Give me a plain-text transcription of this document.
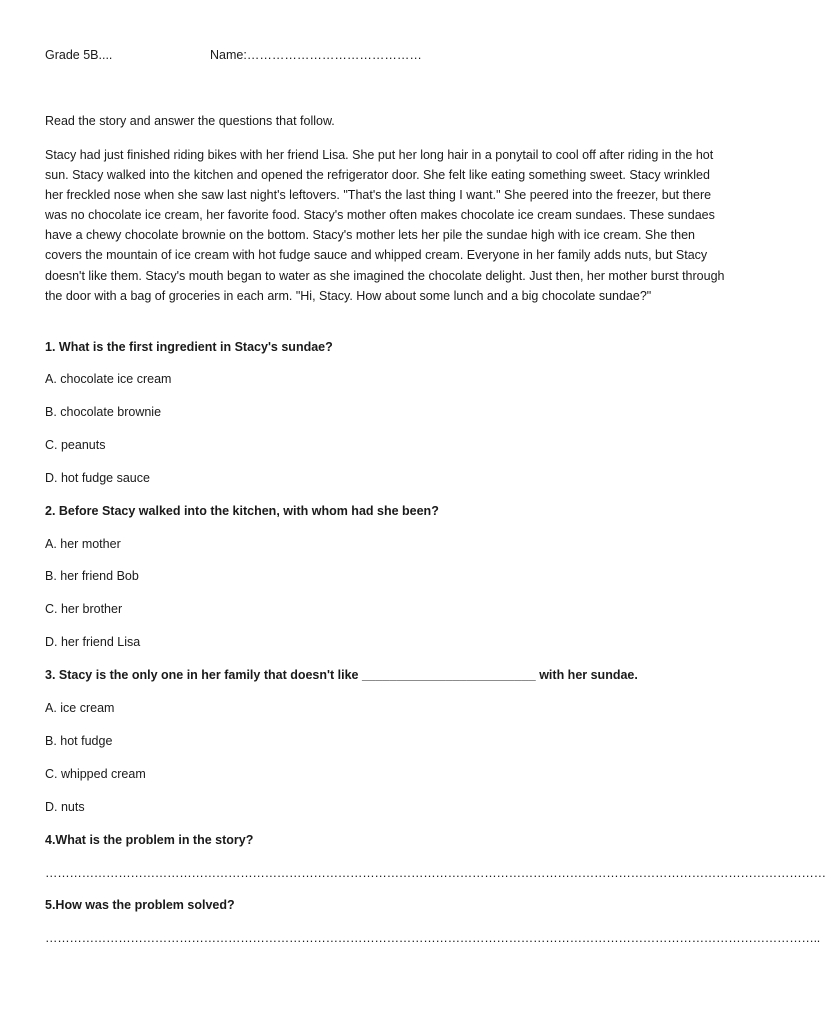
Grade 5B....	Name:……………………………………
Read the story and answer the questions that follow.

Stacy had just finished riding bikes with her friend Lisa. She put her long hair in a ponytail to cool off after riding in the hot sun. Stacy walked into the kitchen and opened the refrigerator door. She felt like eating something sweet. Stacy wrinkled her freckled nose when she saw last night's leftovers. "That's the last thing I want." She peered into the freezer, but there was no chocolate ice cream, her favorite food. Stacy's mother often makes chocolate ice cream sundaes. These sundaes have a chewy chocolate brownie on the bottom. Stacy's mother lets her pile the sundae high with ice cream. She then covers the mountain of ice cream with hot fudge sauce and whipped cream. Everyone in her family adds nuts, but Stacy doesn't like them. Stacy's mouth began to water as she imagined the chocolate delight. Just then, her mother burst through the door with a bag of groceries in each arm. "Hi, Stacy. How about some lunch and a big chocolate sundae?"

1. What is the first ingredient in Stacy's sundae?
A. chocolate ice cream
B. chocolate brownie
C. peanuts
D. hot fudge sauce
2. Before Stacy walked into the kitchen, with whom had she been?
A. her mother
B. her friend Bob
C. her brother
D. her friend Lisa
3. Stacy is the only one in her family that doesn't like _________________________ with her sundae.
A. ice cream
B. hot fudge
C. whipped cream
D. nuts
4.What is the problem in the story?
…………………………………………………………………………………………………………………………………………………………………………
5.How was the problem solved?
………………………………………………………………………………………………………………………………………………………………………..
